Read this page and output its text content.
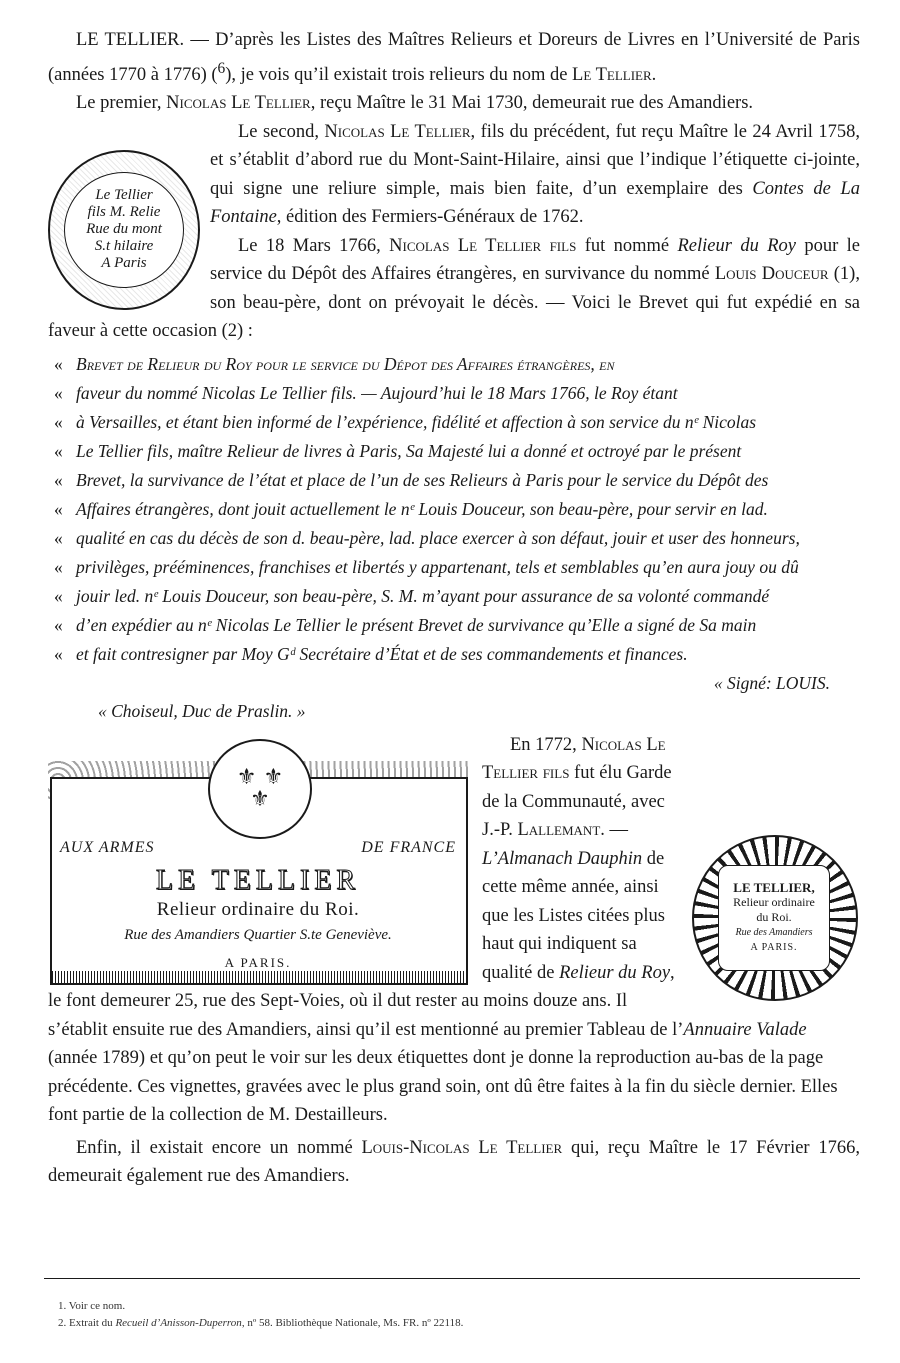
LE TELLIER. — D’après les Listes des Maîtres Relieurs et Doreurs de Livres en l’Université de Paris (années 1770 à 1776) ($^6$), je vois qu’il existait trois relieurs du nom de Le Tellier.

Le premier, Nicolas Le Tellier, reçu Maître le 31 Mai 1730, demeurait rue des Amandiers.

Le Tellier
fils M. Relie
Rue du mont
S.t hilaire
A Paris

Le second, Nicolas Le Tellier, fils du précédent, fut reçu Maître le 24 Avril 1758, et s’établit d’abord rue du Mont-Saint-Hilaire, ainsi que l’indique l’étiquette ci-jointe, qui signe une reliure simple, mais bien faite, d’un exemplaire des Contes de La Fontaine, édition des Fermiers-Généraux de 1762.

Le 18 Mars 1766, Nicolas Le Tellier fils fut nommé Relieur du Roy pour le service du Dépôt des Affaires étrangères, en survivance du nommé Louis Douceur (1), son beau-père, dont on prévoyait le décès. — Voici le Brevet qui fut expédié en sa faveur à cette occasion (2) :

« Brevet de Relieur du Roy pour le service du Dépot des Affaires étrangères, en
« faveur du nommé Nicolas Le Tellier fils. — Aujourd’hui le 18 Mars 1766, le Roy étant
« à Versailles, et étant bien informé de l’expérience, fidélité et affection à son service du nᵉ Nicolas
« Le Tellier fils, maître Relieur de livres à Paris, Sa Majesté lui a donné et octroyé par le présent
« Brevet, la survivance de l’état et place de l’un de ses Relieurs à Paris pour le service du Dépôt des
« Affaires étrangères, dont jouit actuellement le nᵉ Louis Douceur, son beau-père, pour servir en lad.
« qualité en cas du décès de son d. beau-père, lad. place exercer à son défaut, jouir et user des honneurs,
« privilèges, prééminences, franchises et libertés y appartenant, tels et semblables qu’en aura jouy ou dû
« jouir led. nᵉ Louis Douceur, son beau-père, S. M. m’ayant pour assurance de sa volonté commandé
« d’en expédier au nᵉ Nicolas Le Tellier le présent Brevet de survivance qu’Elle a signé de Sa main
« et fait contresigner par Moy Gᵈ Secrétaire d’État et de ses commandements et finances.

« Signé: LOUIS.

« Choiseul, Duc de Praslin. »

⚜ ⚜
⚜
AUX ARMES	DE FRANCE
LE TELLIER
Relieur ordinaire du Roi.
Rue des Amandiers Quartier S.te Geneviève.
A PARIS.
LE TELLIER,
Relieur ordinaire
du Roi.
Rue des Amandiers
A PARIS.

En 1772, Nicolas Le Tellier fils fut élu Garde de la Communauté, avec J.-P. Lallemant. — L’Almanach Dauphin de cette même année, ainsi que les Listes citées plus haut qui indiquent sa qualité de Relieur du Roy, le font demeurer 25, rue des Sept-Voies, où il dut rester au moins douze ans. Il s’établit ensuite rue des Amandiers, ainsi qu’il est mentionné au premier Tableau de l’Annuaire Valade (année 1789) et qu’on peut le voir sur les deux étiquettes dont je donne la reproduction au-bas de la page précédente. Ces vignettes, gravées avec le plus grand soin, ont dû être faites à la fin du siècle dernier. Elles font partie de la collection de M. Destailleurs.

Enfin, il existait encore un nommé Louis-Nicolas Le Tellier qui, reçu Maître le 17 Février 1766, demeurait également rue des Amandiers.

1. Voir ce nom.
2. Extrait du Recueil d’Anisson-Duperron, nº 58. Bibliothèque Nationale, Ms. FR. nº 22118.
